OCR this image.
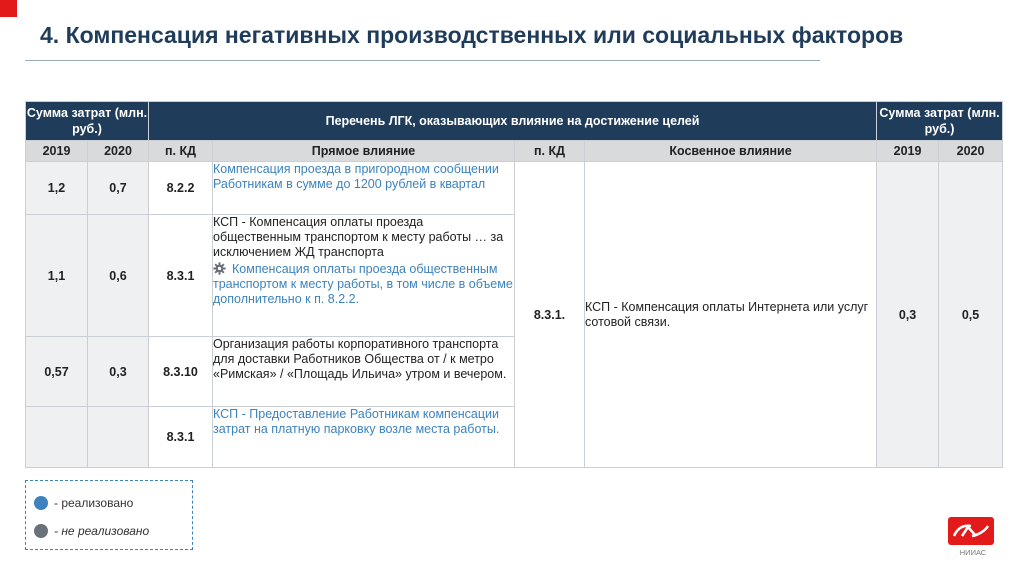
4. Компенсация негативных производственных или социальных факторов
Сумма затрат (млн. руб.)		Перечень ЛГК, оказывающих влияние на достижение целей				Сумма затрат (млн. руб.)	
2019	2020	п. КД	Прямое влияние	п. КД	Косвенное влияние	2019	2020
1,2	0,7	8.2.2	Компенсация проезда в пригородном сообщении Работникам в сумме до 1200 рублей в квартал	8.3.1.	КСП - Компенсация оплаты Интернета или услуг сотовой связи.	0,3	0,5
1,1	0,6	8.3.1	КСП - Компенсация оплаты проезда общественным транспортом к месту работы … за исключением ЖД транспорта
Компенсация оплаты проезда общественным транспортом к месту работы, в том числе в объеме дополнительно к п. 8.2.2.				

0,57	0,3	8.3.10	Организация работы корпоративного транспорта для доставки Работников Общества от / к метро «Римская» / «Площадь Ильича» утром и вечером.				
		8.3.1	КСП - Предоставление Работникам компенсации затрат на платную парковку возле места работы.				
- реализовано
- не реализовано
НИИАС
